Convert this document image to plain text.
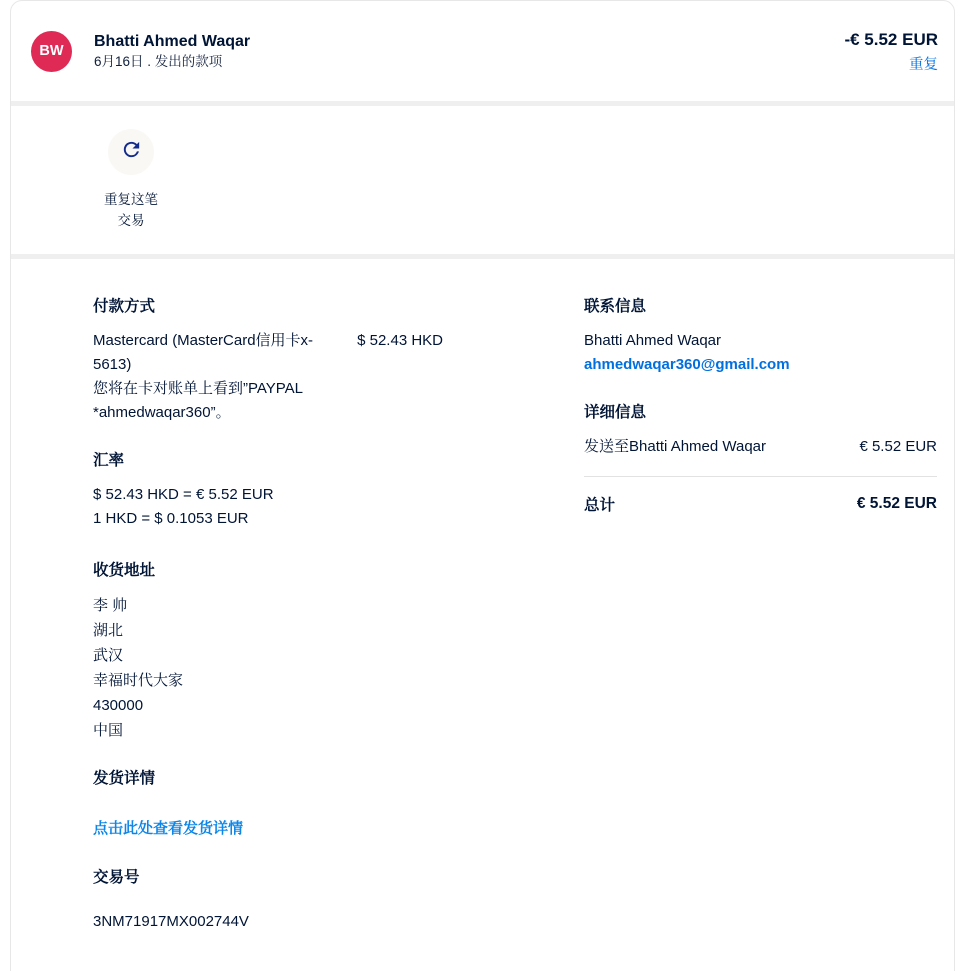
BW
Bhatti Ahmed Waqar
6月16日 . 发出的款项
-€ 5.52 EUR
重复
重复这笔
交易
付款方式
Mastercard (MasterCard信用卡x-5613)
您将在卡对账单上看到”PAYPAL *ahmedwaqar360”。
$ 52.43 HKD
汇率
$ 52.43 HKD = € 5.52 EUR
1 HKD = $ 0.1053 EUR
收货地址
李 帅
湖北
武汉
幸福时代大家
430000
中国
发货详情
点击此处查看发货详情
交易号
3NM71917MX002744V
联系信息
Bhatti Ahmed Waqar
ahmedwaqar360@gmail.com
详细信息
发送至Bhatti Ahmed Waqar	€ 5.52 EUR
总计	€ 5.52 EUR
